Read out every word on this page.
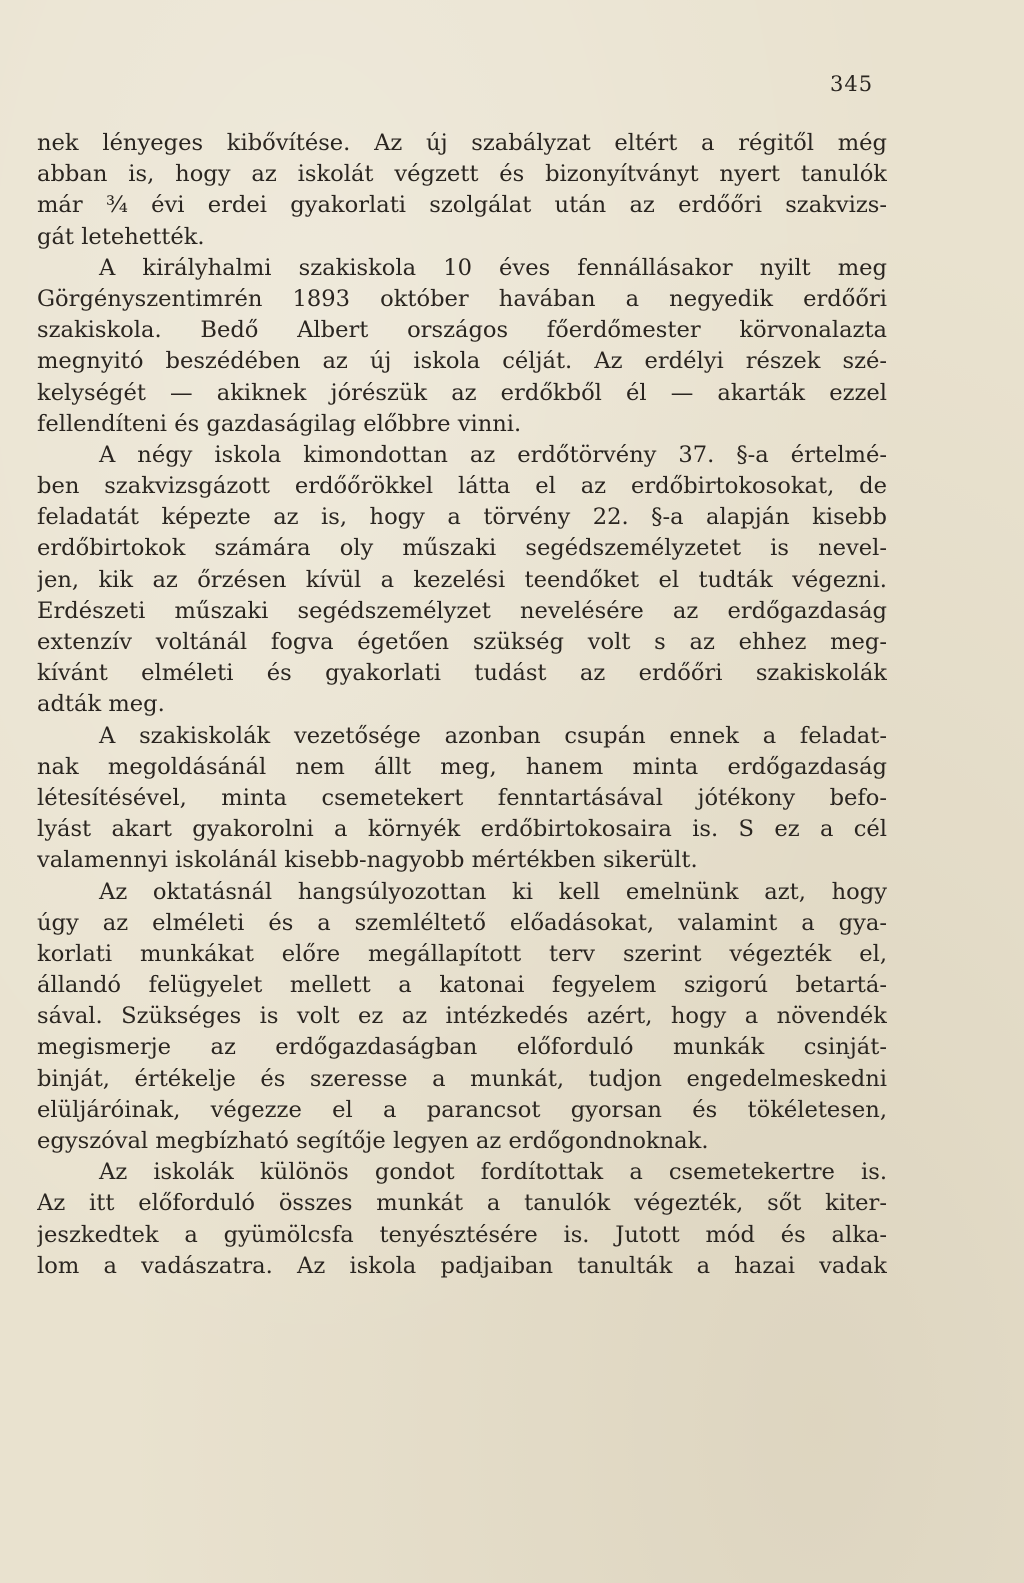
345
nek lényeges kibővítése. Az új szabályzat eltért a régitől még
abban is, hogy az iskolát végzett és bizonyítványt nyert tanulók
már ¾ évi erdei gyakorlati szolgálat után az erdőőri szakvizs-
gát letehették.
A királyhalmi szakiskola 10 éves fennállásakor nyilt meg
Görgényszentimrén 1893 október havában a negyedik erdőőri
szakiskola. Bedő Albert országos főerdőmester körvonalazta
megnyitó beszédében az új iskola célját. Az erdélyi részek szé-
kelységét — akiknek jórészük az erdőkből él — akarták ezzel
fellendíteni és gazdaságilag előbbre vinni.
A négy iskola kimondottan az erdőtörvény 37. §-a értelmé-
ben szakvizsgázott erdőőrökkel látta el az erdőbirtokosokat, de
feladatát képezte az is, hogy a törvény 22. §-a alapján kisebb
erdőbirtokok számára oly műszaki segédszemélyzetet is nevel-
jen, kik az őrzésen kívül a kezelési teendőket el tudták végezni.
Erdészeti műszaki segédszemélyzet nevelésére az erdőgazdaság
extenzív voltánál fogva égetően szükség volt s az ehhez meg-
kívánt elméleti és gyakorlati tudást az erdőőri szakiskolák
adták meg.
A szakiskolák vezetősége azonban csupán ennek a feladat-
nak megoldásánál nem állt meg, hanem minta erdőgazdaság
létesítésével, minta csemetekert fenntartásával jótékony befo-
lyást akart gyakorolni a környék erdőbirtokosaira is. S ez a cél
valamennyi iskolánál kisebb-nagyobb mértékben sikerült.
Az oktatásnál hangsúlyozottan ki kell emelnünk azt, hogy
úgy az elméleti és a szemléltető előadásokat, valamint a gya-
korlati munkákat előre megállapított terv szerint végezték el,
állandó felügyelet mellett a katonai fegyelem szigorú betartá-
sával. Szükséges is volt ez az intézkedés azért, hogy a növendék
megismerje az erdőgazdaságban előforduló munkák csinját-
binját, értékelje és szeresse a munkát, tudjon engedelmeskedni
elüljáróinak, végezze el a parancsot gyorsan és tökéletesen,
egyszóval megbízható segítője legyen az erdőgondnoknak.
Az iskolák különös gondot fordítottak a csemetekertre is.
Az itt előforduló összes munkát a tanulók végezték, sőt kiter-
jeszkedtek a gyümölcsfa tenyésztésére is. Jutott mód és alka-
lom a vadászatra. Az iskola padjaiban tanulták a hazai vadak
